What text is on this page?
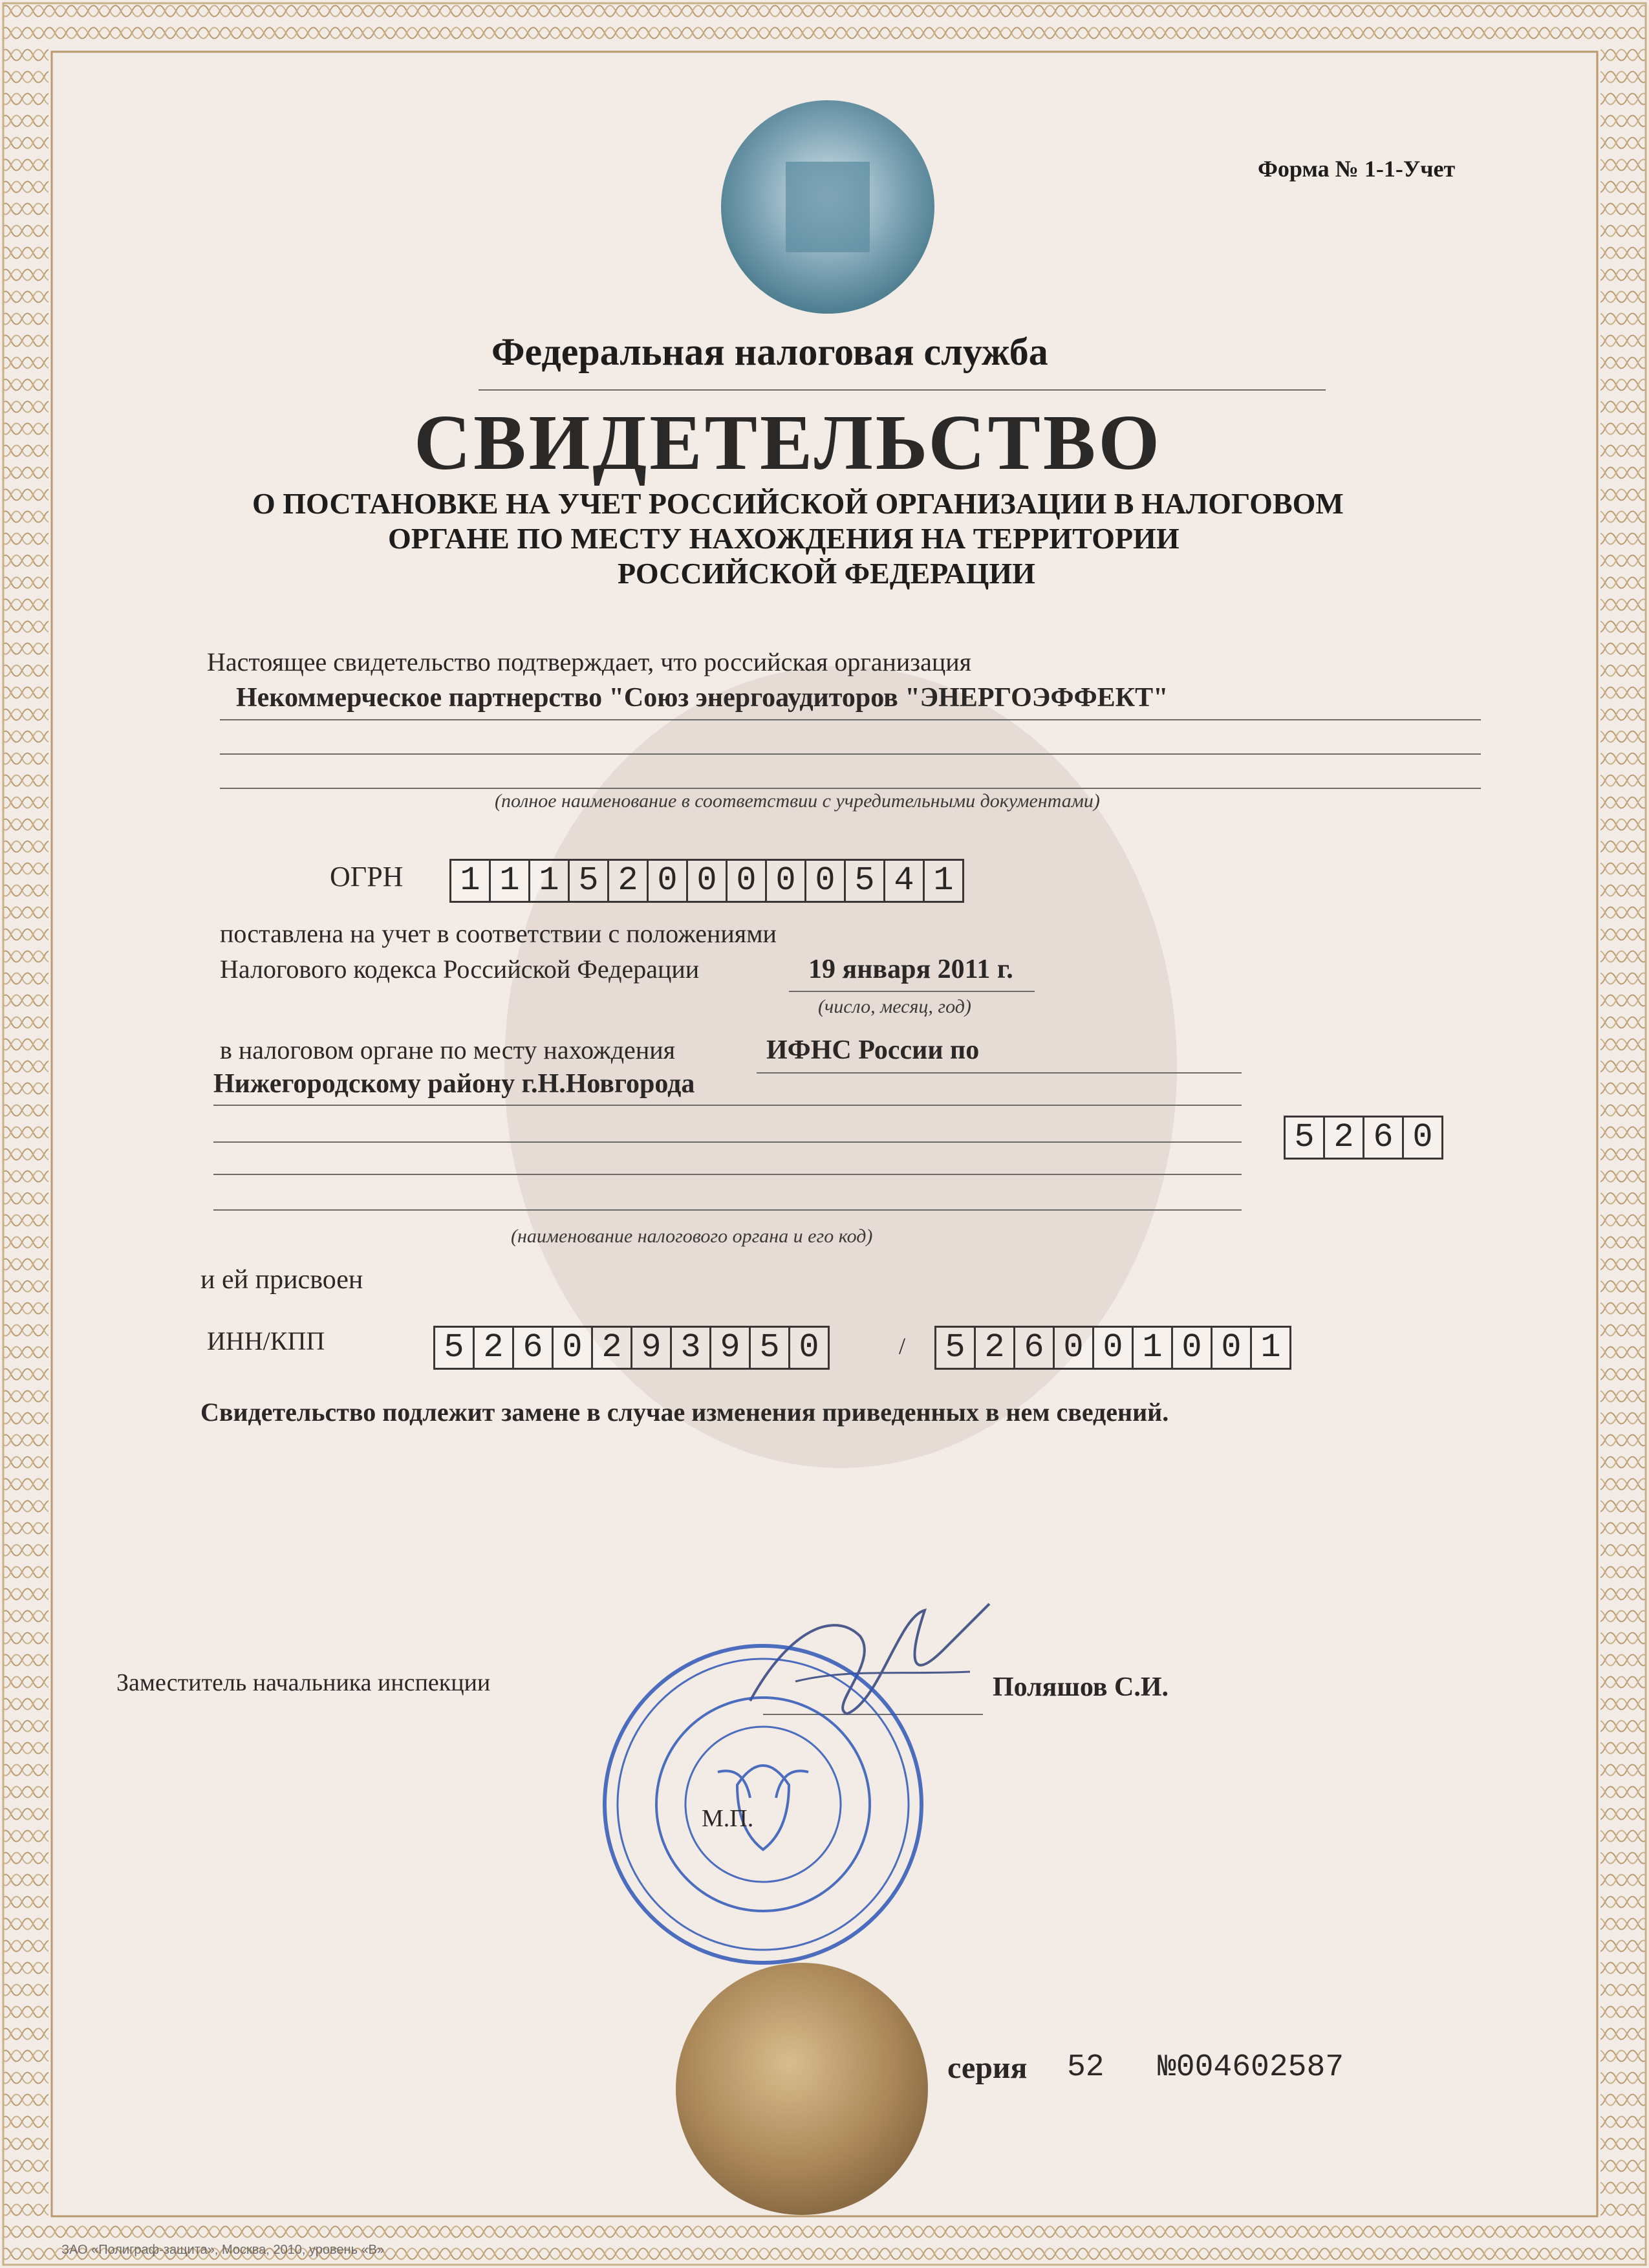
Форма № 1-1-Учет
Федеральная налоговая служба
СВИДЕТЕЛЬСТВО
О ПОСТАНОВКЕ НА УЧЕТ РОССИЙСКОЙ ОРГАНИЗАЦИИ В НАЛОГОВОМ
ОРГАНЕ ПО МЕСТУ НАХОЖДЕНИЯ НА ТЕРРИТОРИИ
РОССИЙСКОЙ ФЕДЕРАЦИИ
Настоящее свидетельство подтверждает, что российская организация
Некоммерческое партнерство "Союз энергоаудиторов "ЭНЕРГОЭФФЕКТ"
(полное наименование в соответствии с учредительными документами)
ОГРН	1 1 1 5 2 0 0 0 0 0 5 4 1
поставлена на учет в соответствии с положениями
Налогового кодекса Российской Федерации	19 января 2011 г.
(число, месяц, год)
в налоговом органе по месту нахождения	ИФНС России по
Нижегородскому району г.Н.Новгорода
5 2 6 0
(наименование налогового органа и его код)
и ей присвоен
ИНН/КПП	5 2 6 0 2 9 3 9 5 0	/	5 2 6 0 0 1 0 0 1
Свидетельство подлежит замене в случае изменения приведенных в нем сведений.
Заместитель начальника инспекции	Поляшов С.И.
М.П.
серия 52 №004602587
ЗАО «Полиграф-защита», Москва, 2010, уровень «В»
